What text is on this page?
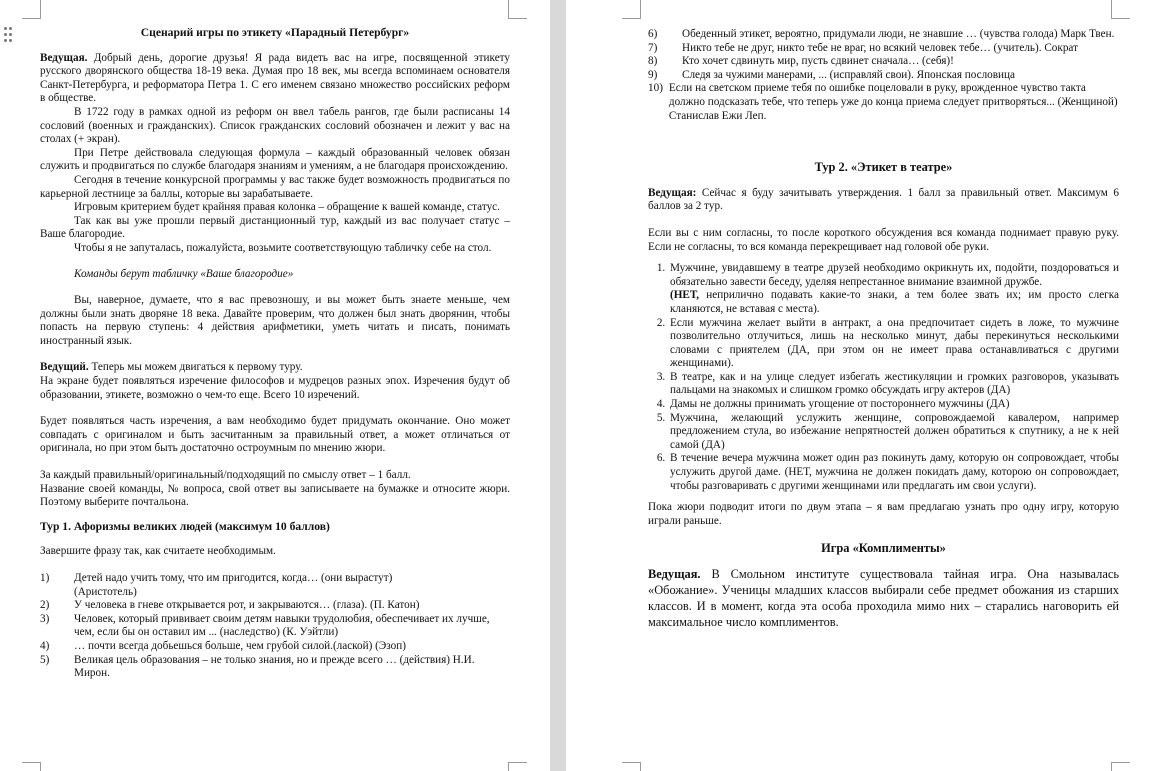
Сценарий игры по этикету «Парадный Петербург»

Ведущая. Добрый день, дорогие друзья! Я рада видеть вас на игре, посвященной этикету русского дворянского общества 18-19 века. Думая про 18 век, мы всегда вспоминаем основателя Санкт-Петербурга, и реформатора Петра 1. С его именем связано множество российских реформ в обществе.

В 1722 году в рамках одной из реформ он ввел табель рангов, где были расписаны 14 сословий (военных и гражданских). Список гражданских сословий обозначен и лежит у вас на столах (+ экран).

При Петре действовала следующая формула – каждый образованный человек обязан служить и продвигаться по службе благодаря знаниям и умениям, а не благодаря происхождению.

Сегодня в течение конкурсной программы у вас также будет возможность продвигаться по карьерной лестнице за баллы, которые вы зарабатываете.

Игровым критерием будет крайняя правая колонка – обращение к вашей команде, статус.

Так как вы уже прошли первый дистанционный тур, каждый из вас получает статус – Ваше благородие.

Чтобы я не запуталась, пожалуйста, возьмите соответствующую табличку себе на стол.

Команды берут табличку «Ваше благородие»

Вы, наверное, думаете, что я вас превозношу, и вы может быть знаете меньше, чем должны были знать дворяне 18 века. Давайте проверим, что должен был знать дворянин, чтобы попасть на первую ступень: 4 действия арифметики, уметь читать и писать, понимать иностранный язык.

Ведущий. Теперь мы можем двигаться к первому туру.

На экране будет появляться изречение философов и мудрецов разных эпох. Изречения будут об образовании, этикете, возможно о чем-то еще. Всего 10 изречений.

Будет появляться часть изречения, а вам необходимо будет придумать окончание. Оно может совпадать с оригиналом и быть засчитанным за правильный ответ, а может отличаться от оригинала, но при этом быть достаточно остроумным по мнению жюри.

За каждый правильный/оригинальный/подходящий по смыслу ответ – 1 балл.

Название своей команды, № вопроса, свой ответ вы записываете на бумажке и относите жюри. Поэтому выберите почтальона.

Тур 1. Афоризмы великих людей (максимум 10 баллов)

Завершите фразу так, как считаете необходимым.

1)	Детей надо учить тому, что им пригодится, когда… (они вырастут)

(Аристотель)

2)	У человека в гневе открывается рот, и закрываются… (глаза). (П. Катон)
3)	Человек, который прививает своим детям навыки трудолюбия, обеспечивает их лучше, чем, если бы он оставил им ... (наследство) (К. Уэйтли)
4)	… почти всегда добьешься больше, чем грубой силой.(лаской) (Эзоп)
5)	Великая цель образования – не только знания, но и прежде всего … (действия) Н.И. Мирон.
6)	Обеденный этикет, вероятно, придумали люди, не знавшие … (чувства голода) Марк Твен.
7)	Никто тебе не друг, никто тебе не враг, но всякий человек тебе… (учитель). Сократ
8)	Кто хочет сдвинуть мир, пусть сдвинет сначала… (себя)!
9)	Следя за чужими манерами, ... (исправляй свои). Японская пословица
10) Если на светском приеме тебя по ошибке поцеловали в руку, врожденное чувство такта должно подсказать тебе, что теперь уже до конца приема следует притворяться... (Женщиной) Станислав Ежи Леп.

Тур 2. «Этикет в театре»

Ведущая: Сейчас я буду зачитывать утверждения. 1 балл за правильный ответ. Максимум 6 баллов за 2 тур.

Если вы с ним согласны, то после короткого обсуждения вся команда поднимает правую руку. Если не согласны, то вся команда перекрещивает над головой обе руки.

1. Мужчине, увидавшему в театре друзей необходимо окрикнуть их, подойти, поздороваться и обязательно завести беседу, уделяя непрестанное внимание взаимной дружбе.
(НЕТ, неприлично подавать какие-то знаки, а тем более звать их; им просто слегка кланяются, не вставая с места).
2. Если мужчина желает выйти в антракт, а она предпочитает сидеть в ложе, то мужчине позволительно отлучиться, лишь на несколько минут, дабы перекинуться несколькими словами с приятелем (ДА, при этом он не имеет права останавливаться с другими женщинами).
3. В театре, как и на улице следует избегать жестикуляции и громких разговоров, указывать пальцами на знакомых и слишком громко обсуждать игру актеров (ДА)
4. Дамы не должны принимать угощение от постороннего мужчины (ДА)
5. Мужчина, желающий услужить женщине, сопровождаемой кавалером, например предложением стула, во избежание непрятностей должен обратиться к спутнику, а не к ней самой (ДА)
6. В течение вечера мужчина может один раз покинуть даму, которую он сопровождает, чтобы услужить другой даме. (НЕТ, мужчина не должен покидать даму, которою он сопровождает, чтобы разговаривать с другими женщинами или предлагать им свои услуги).

Пока жюри подводит итоги по двум этапа – я вам предлагаю узнать про одну игру, которую играли раньше.

Игра «Комплименты»

Ведущая. В Смольном институте существовала тайная игра. Она называлась «Обожание». Ученицы младших классов выбирали себе предмет обожания из старших классов. И в момент, когда эта особа проходила мимо них – старались наговорить ей максимальное число комплиментов.
